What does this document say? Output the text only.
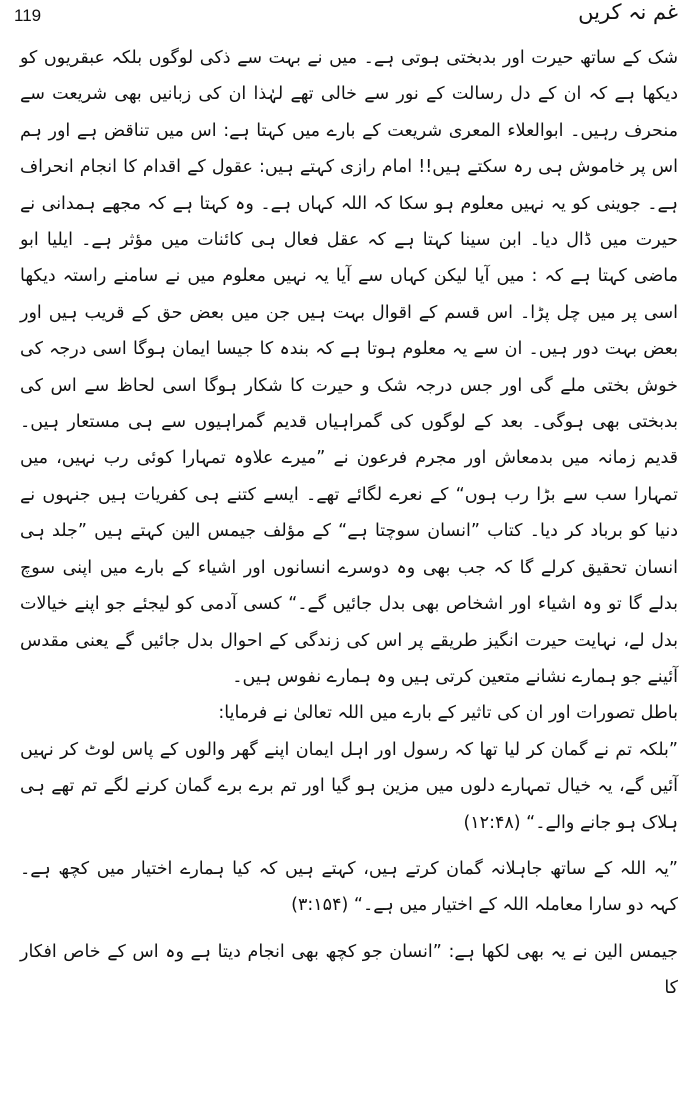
119	غم نہ کریں

شک کے ساتھ حیرت اور بدبختی ہوتی ہے۔ میں نے بہت سے ذکی لوگوں بلکہ عبقریوں کو دیکھا ہے کہ ان کے دل رسالت کے نور سے خالی تھے لہٰذا ان کی زبانیں بھی شریعت سے منحرف رہیں۔ ابوالعلاء المعری شریعت کے بارے میں کہتا ہے: اس میں تناقض ہے اور ہم اس پر خاموش ہی رہ سکتے ہیں!! امام رازی کہتے ہیں: عقول کے اقدام کا انجام انحراف ہے۔ جوینی کو یہ نہیں معلوم ہو سکا کہ اللہ کہاں ہے۔ وہ کہتا ہے کہ مجھے ہمدانی نے حیرت میں ڈال دیا۔ ابن سینا کہتا ہے کہ عقل فعال ہی کائنات میں مؤثر ہے۔ ایلیا ابو ماضی کہتا ہے کہ : میں آیا لیکن کہاں سے آیا یہ نہیں معلوم میں نے سامنے راستہ دیکھا اسی پر میں چل پڑا۔ اس قسم کے اقوال بہت ہیں جن میں بعض حق کے قریب ہیں اور بعض بہت دور ہیں۔ ان سے یہ معلوم ہوتا ہے کہ بندہ کا جیسا ایمان ہوگا اسی درجہ کی خوش بختی ملے گی اور جس درجہ شک و حیرت کا شکار ہوگا اسی لحاظ سے اس کی بدبختی بھی ہوگی۔ بعد کے لوگوں کی گمراہیاں قدیم گمراہیوں سے ہی مستعار ہیں۔ قدیم زمانہ میں بدمعاش اور مجرم فرعون نے ”میرے علاوہ تمہارا کوئی رب نہیں، میں تمہارا سب سے بڑا رب ہوں“ کے نعرے لگائے تھے۔ ایسے کتنے ہی کفریات ہیں جنہوں نے دنیا کو برباد کر دیا۔ کتاب ”انسان سوچتا ہے“ کے مؤلف جیمس الین کہتے ہیں ”جلد ہی انسان تحقیق کرلے گا کہ جب بھی وہ دوسرے انسانوں اور اشیاء کے بارے میں اپنی سوچ بدلے گا تو وہ اشیاء اور اشخاص بھی بدل جائیں گے۔“ کسی آدمی کو لیجئے جو اپنے خیالات بدل لے، نہایت حیرت انگیز طریقے پر اس کی زندگی کے احوال بدل جائیں گے یعنی مقدس آئینے جو ہمارے نشانے متعین کرتی ہیں وہ ہمارے نفوس ہیں۔

باطل تصورات اور ان کی تاثیر کے بارے میں اللہ تعالیٰ نے فرمایا:

”بلکہ تم نے گمان کر لیا تھا کہ رسول اور اہل ایمان اپنے گھر والوں کے پاس لوٹ کر نہیں آئیں گے، یہ خیال تمہارے دلوں میں مزین ہو گیا اور تم برے برے گمان کرنے لگے تم تھے ہی ہلاک ہو جانے والے۔“ (۱۲:۴۸)

”یہ اللہ کے ساتھ جاہلانہ گمان کرتے ہیں، کہتے ہیں کہ کیا ہمارے اختیار میں کچھ ہے۔ کہہ دو سارا معاملہ اللہ کے اختیار میں ہے۔“ (۳:۱۵۴)

جیمس الین نے یہ بھی لکھا ہے: ”انسان جو کچھ بھی انجام دیتا ہے وہ اس کے خاص افکار کا
